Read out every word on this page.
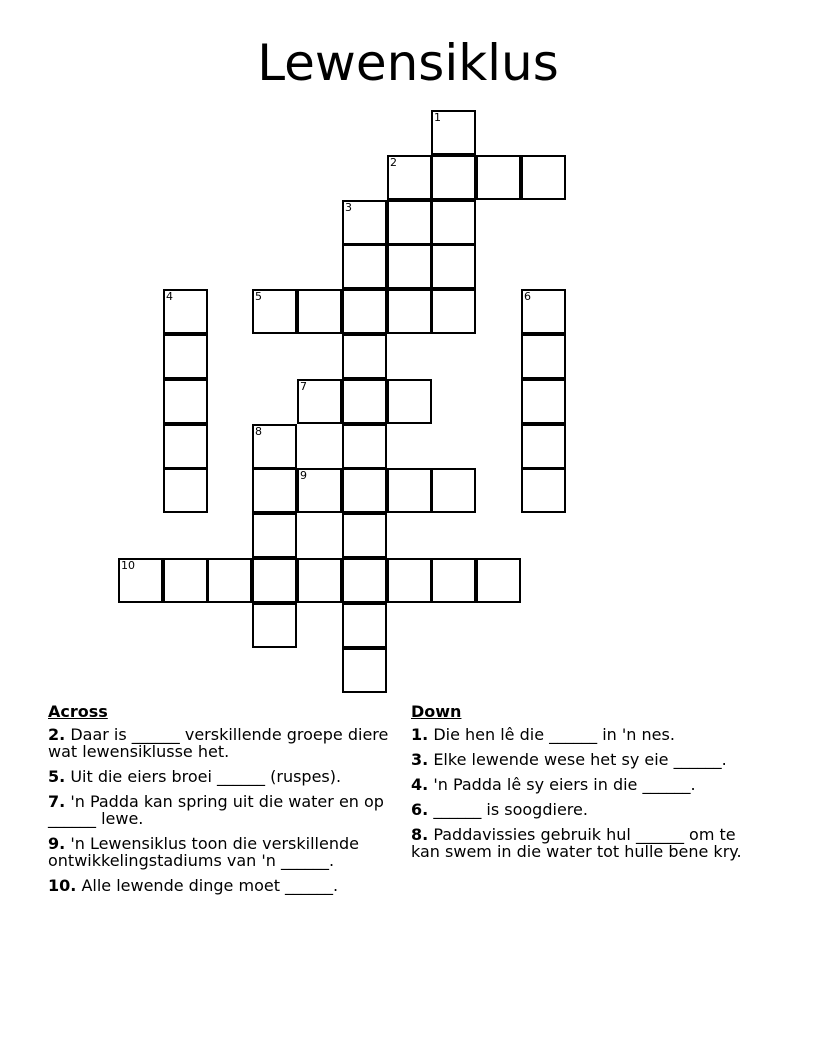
Lewensiklus
1
2
3
4	5	6
7
8
9
10
Across
2. Daar is ______ verskillende groepe diere wat lewensiklusse het.
5. Uit die eiers broei ______ (ruspes).
7. 'n Padda kan spring uit die water en op ______ lewe.
9. 'n Lewensiklus toon die verskillende ontwikkelingstadiums van 'n ______.
10. Alle lewende dinge moet ______.
Down
1. Die hen lê die ______ in 'n nes.
3. Elke lewende wese het sy eie ______.
4. 'n Padda lê sy eiers in die ______.
6. ______ is soogdiere.
8. Paddavissies gebruik hul ______ om te kan swem in die water tot hulle bene kry.
